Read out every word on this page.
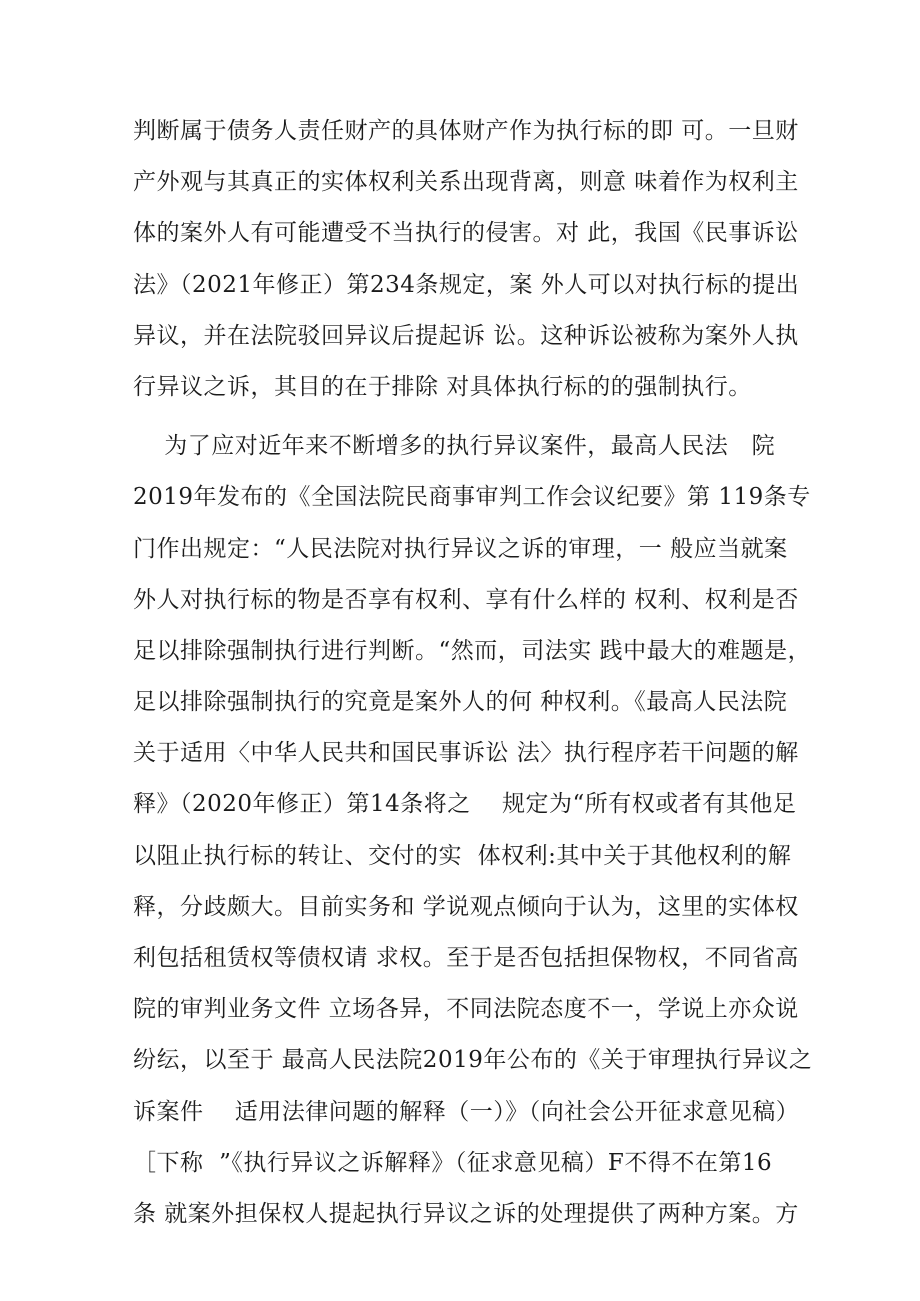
判断属于债务人责任财产的具体财产作为执行标的即 可。一旦财
产外观与其真正的实体权利关系出现背离，则意 味着作为权利主
体的案外人有可能遭受不当执行的侵害。对 此，我国《民事诉讼
法》（2021年修正）第234条规定，案 外人可以对执行标的提出
异议，并在法院驳回异议后提起诉 讼。这种诉讼被称为案外人执
行异议之诉，其目的在于排除 对具体执行标的的强制执行。
为了应对近年来不断增多的执行异议案件，最高人民法   院
2019年发布的《全国法院民商事审判工作会议纪要》第 119条专
门作出规定：“人民法院对执行异议之诉的审理，一 般应当就案
外人对执行标的物是否享有权利、享有什么样的 权利、权利是否
足以排除强制执行进行判断。“然而，司法实 践中最大的难题是，
足以排除强制执行的究竟是案外人的何 种权利。《最高人民法院
关于适用〈中华人民共和国民事诉讼 法〉执行程序若干问题的解
释》（2020年修正）第14条将之    规定为“所有权或者有其他足
以阻止执行标的转让、交付的实  体权利:其中关于其他权利的解
释，分歧颇大。目前实务和 学说观点倾向于认为，这里的实体权
利包括租赁权等债权请 求权。至于是否包括担保物权，不同省高
院的审判业务文件 立场各异，不同法院态度不一，学说上亦众说
纷纭，以至于 最高人民法院2019年公布的《关于审理执行异议之
诉案件    适用法律问题的解释（一）》（向社会公开征求意见稿）
［下称  ”《执行异议之诉解释》（征求意见稿）F不得不在第16
条 就案外担保权人提起执行异议之诉的处理提供了两种方案。方
